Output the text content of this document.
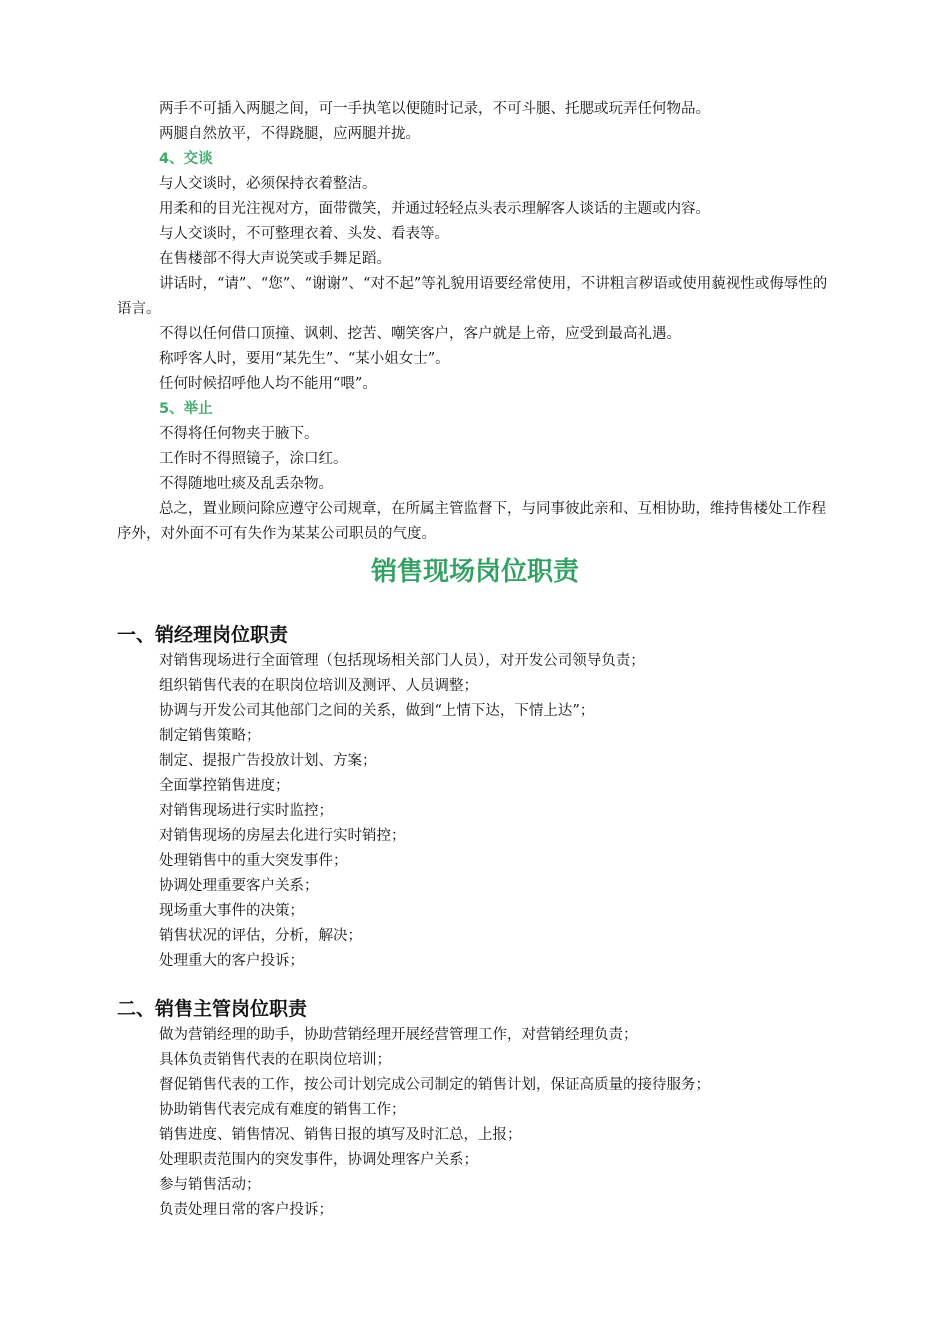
两手不可插入两腿之间，可一手执笔以便随时记录，不可斗腿、托腮或玩弄任何物品。

两腿自然放平，不得跷腿，应两腿并拢。

4、交谈

与人交谈时，必须保持衣着整洁。

用柔和的目光注视对方，面带微笑，并通过轻轻点头表示理解客人谈话的主题或内容。

与人交谈时，不可整理衣着、头发、看表等。

在售楼部不得大声说笑或手舞足蹈。

讲话时，“请”、“您”、“谢谢”、“对不起”等礼貌用语要经常使用，不讲粗言秽语或使用藐视性或侮辱性的语言。

不得以任何借口顶撞、讽刺、挖苦、嘲笑客户，客户就是上帝，应受到最高礼遇。

称呼客人时，要用“某先生”、“某小姐女士”。

任何时候招呼他人均不能用“喂”。

5、举止

不得将任何物夹于腋下。

工作时不得照镜子，涂口红。

不得随地吐痰及乱丢杂物。

总之，置业顾问除应遵守公司规章，在所属主管监督下，与同事彼此亲和、互相协助，维持售楼处工作程序外，对外面不可有失作为某某公司职员的气度。

销售现场岗位职责

一、销经理岗位职责

对销售现场进行全面管理（包括现场相关部门人员），对开发公司领导负责；

组织销售代表的在职岗位培训及测评、人员调整；

协调与开发公司其他部门之间的关系，做到“上情下达，下情上达”；

制定销售策略；

制定、提报广告投放计划、方案；

全面掌控销售进度；

对销售现场进行实时监控；

对销售现场的房屋去化进行实时销控；

处理销售中的重大突发事件；

协调处理重要客户关系；

现场重大事件的决策；

销售状况的评估，分析，解决；

处理重大的客户投诉；

二、销售主管岗位职责

做为营销经理的助手，协助营销经理开展经营管理工作，对营销经理负责；

具体负责销售代表的在职岗位培训；

督促销售代表的工作，按公司计划完成公司制定的销售计划，保证高质量的接待服务；

协助销售代表完成有难度的销售工作；

销售进度、销售情况、销售日报的填写及时汇总，上报；

处理职责范围内的突发事件，协调处理客户关系；

参与销售活动；

负责处理日常的客户投诉；
